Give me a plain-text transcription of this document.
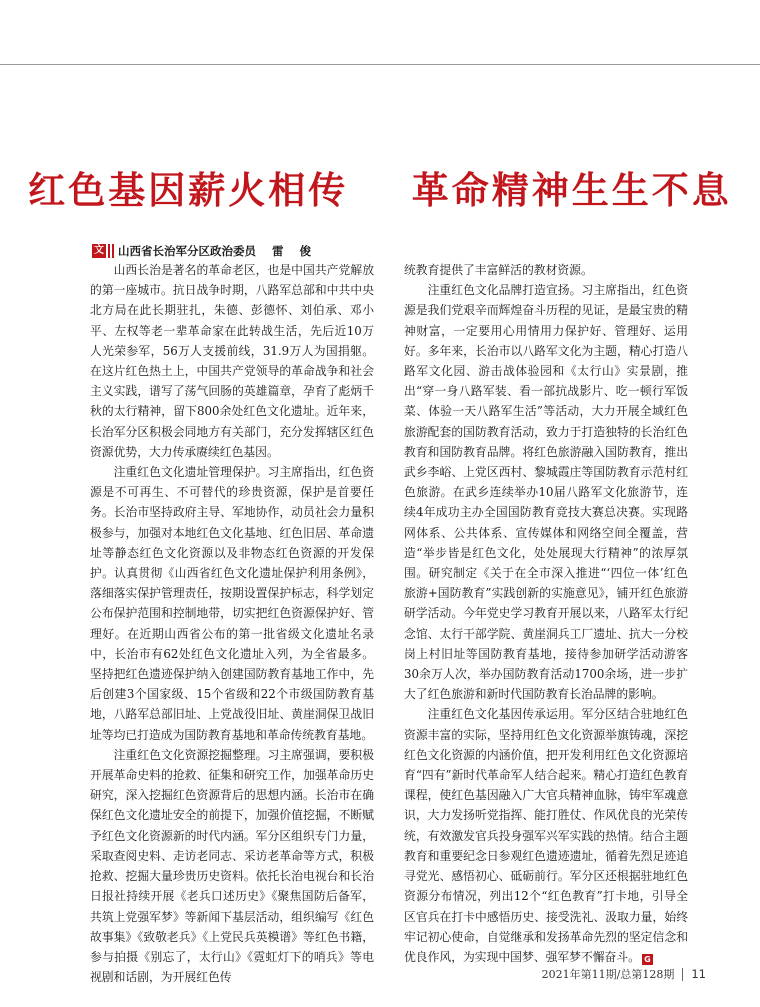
红色基因薪火相传    革命精神生生不息
文 山西省长治军分区政治委员    雷    俊

山西长治是著名的革命老区，也是中国共产党解放的第一座城市。抗日战争时期，八路军总部和中共中央北方局在此长期驻扎，朱德、彭德怀、刘伯承、邓小平、左权等老一辈革命家在此转战生活，先后近10万人光荣参军，56万人支援前线，31.9万人为国捐躯。在这片红色热土上，中国共产党领导的革命战争和社会主义实践，谱写了荡气回肠的英雄篇章，孕育了彪炳千秋的太行精神，留下800余处红色文化遗址。近年来，长治军分区积极会同地方有关部门，充分发挥辖区红色资源优势，大力传承赓续红色基因。

注重红色文化遗址管理保护。习主席指出，红色资源是不可再生、不可替代的珍贵资源，保护是首要任务。长治市坚持政府主导、军地协作，动员社会力量积极参与，加强对本地红色文化基地、红色旧居、革命遗址等静态红色文化资源以及非物态红色资源的开发保护。认真贯彻《山西省红色文化遗址保护利用条例》，落细落实保护管理责任，按期设置保护标志，科学划定公布保护范围和控制地带，切实把红色资源保护好、管理好。在近期山西省公布的第一批省级文化遗址名录中，长治市有62处红色文化遗址入列，为全省最多。坚持把红色遗迹保护纳入创建国防教育基地工作中，先后创建3个国家级、15个省级和22个市级国防教育基地，八路军总部旧址、上党战役旧址、黄崖洞保卫战旧址等均已打造成为国防教育基地和革命传统教育基地。

注重红色文化资源挖掘整理。习主席强调，要积极开展革命史料的抢救、征集和研究工作，加强革命历史研究，深入挖掘红色资源背后的思想内涵。长治市在确保红色文化遗址安全的前提下，加强价值挖掘，不断赋予红色文化资源新的时代内涵。军分区组织专门力量，采取查阅史料、走访老同志、采访老革命等方式，积极抢救、挖掘大量珍贵历史资料。依托长治电视台和长治日报社持续开展《老兵口述历史》《聚焦国防后备军，共筑上党强军梦》等新闻下基层活动，组织编写《红色故事集》《致敬老兵》《上党民兵英模谱》等红色书籍，参与拍摄《别忘了，太行山》《霓虹灯下的哨兵》等电视剧和话剧，为开展红色传

统教育提供了丰富鲜活的教材资源。

注重红色文化品牌打造宣扬。习主席指出，红色资源是我们党艰辛而辉煌奋斗历程的见证，是最宝贵的精神财富，一定要用心用情用力保护好、管理好、运用好。多年来，长治市以八路军文化为主题，精心打造八路军文化园、游击战体验园和《太行山》实景剧，推出“穿一身八路军装、看一部抗战影片、吃一顿行军饭菜、体验一天八路军生活”等活动，大力开展全域红色旅游配套的国防教育活动，致力于打造独特的长治红色教育和国防教育品牌。将红色旅游融入国防教育，推出武乡李峪、上党区西村、黎城霞庄等国防教育示范村红色旅游。在武乡连续举办10届八路军文化旅游节，连续4年成功主办全国国防教育竞技大赛总决赛。实现路网体系、公共体系、宣传媒体和网络空间全覆盖，营造“举步皆是红色文化，处处展现大行精神”的浓厚氛围。研究制定《关于在全市深入推进“‘四位一体’红色旅游+国防教育”实践创新的实施意见》，铺开红色旅游研学活动。今年党史学习教育开展以来，八路军太行纪念馆、太行干部学院、黄崖洞兵工厂遗址、抗大一分校岗上村旧址等国防教育基地，接待参加研学活动游客30余万人次，举办国防教育活动1700余场，进一步扩大了红色旅游和新时代国防教育长治品牌的影响。

注重红色文化基因传承运用。军分区结合驻地红色资源丰富的实际，坚持用红色文化资源举旗铸魂，深挖红色文化资源的内涵价值，把开发利用红色文化资源培育“四有”新时代革命军人结合起来。精心打造红色教育课程，使红色基因融入广大官兵精神血脉，铸牢军魂意识，大力发扬听党指挥、能打胜仗、作风优良的光荣传统，有效激发官兵投身强军兴军实践的热情。结合主题教育和重要纪念日参观红色遗迹遗址，循着先烈足迹追寻党光、感悟初心、砥砺前行。军分区还根据驻地红色资源分布情况，列出12个“红色教育”打卡地，引导全区官兵在打卡中感悟历史、接受洗礼、汲取力量，始终牢记初心使命，自觉继承和发扬革命先烈的坚定信念和优良作风，为实现中国梦、强军梦不懈奋斗。 G

2021年第11期/总第128期 11
